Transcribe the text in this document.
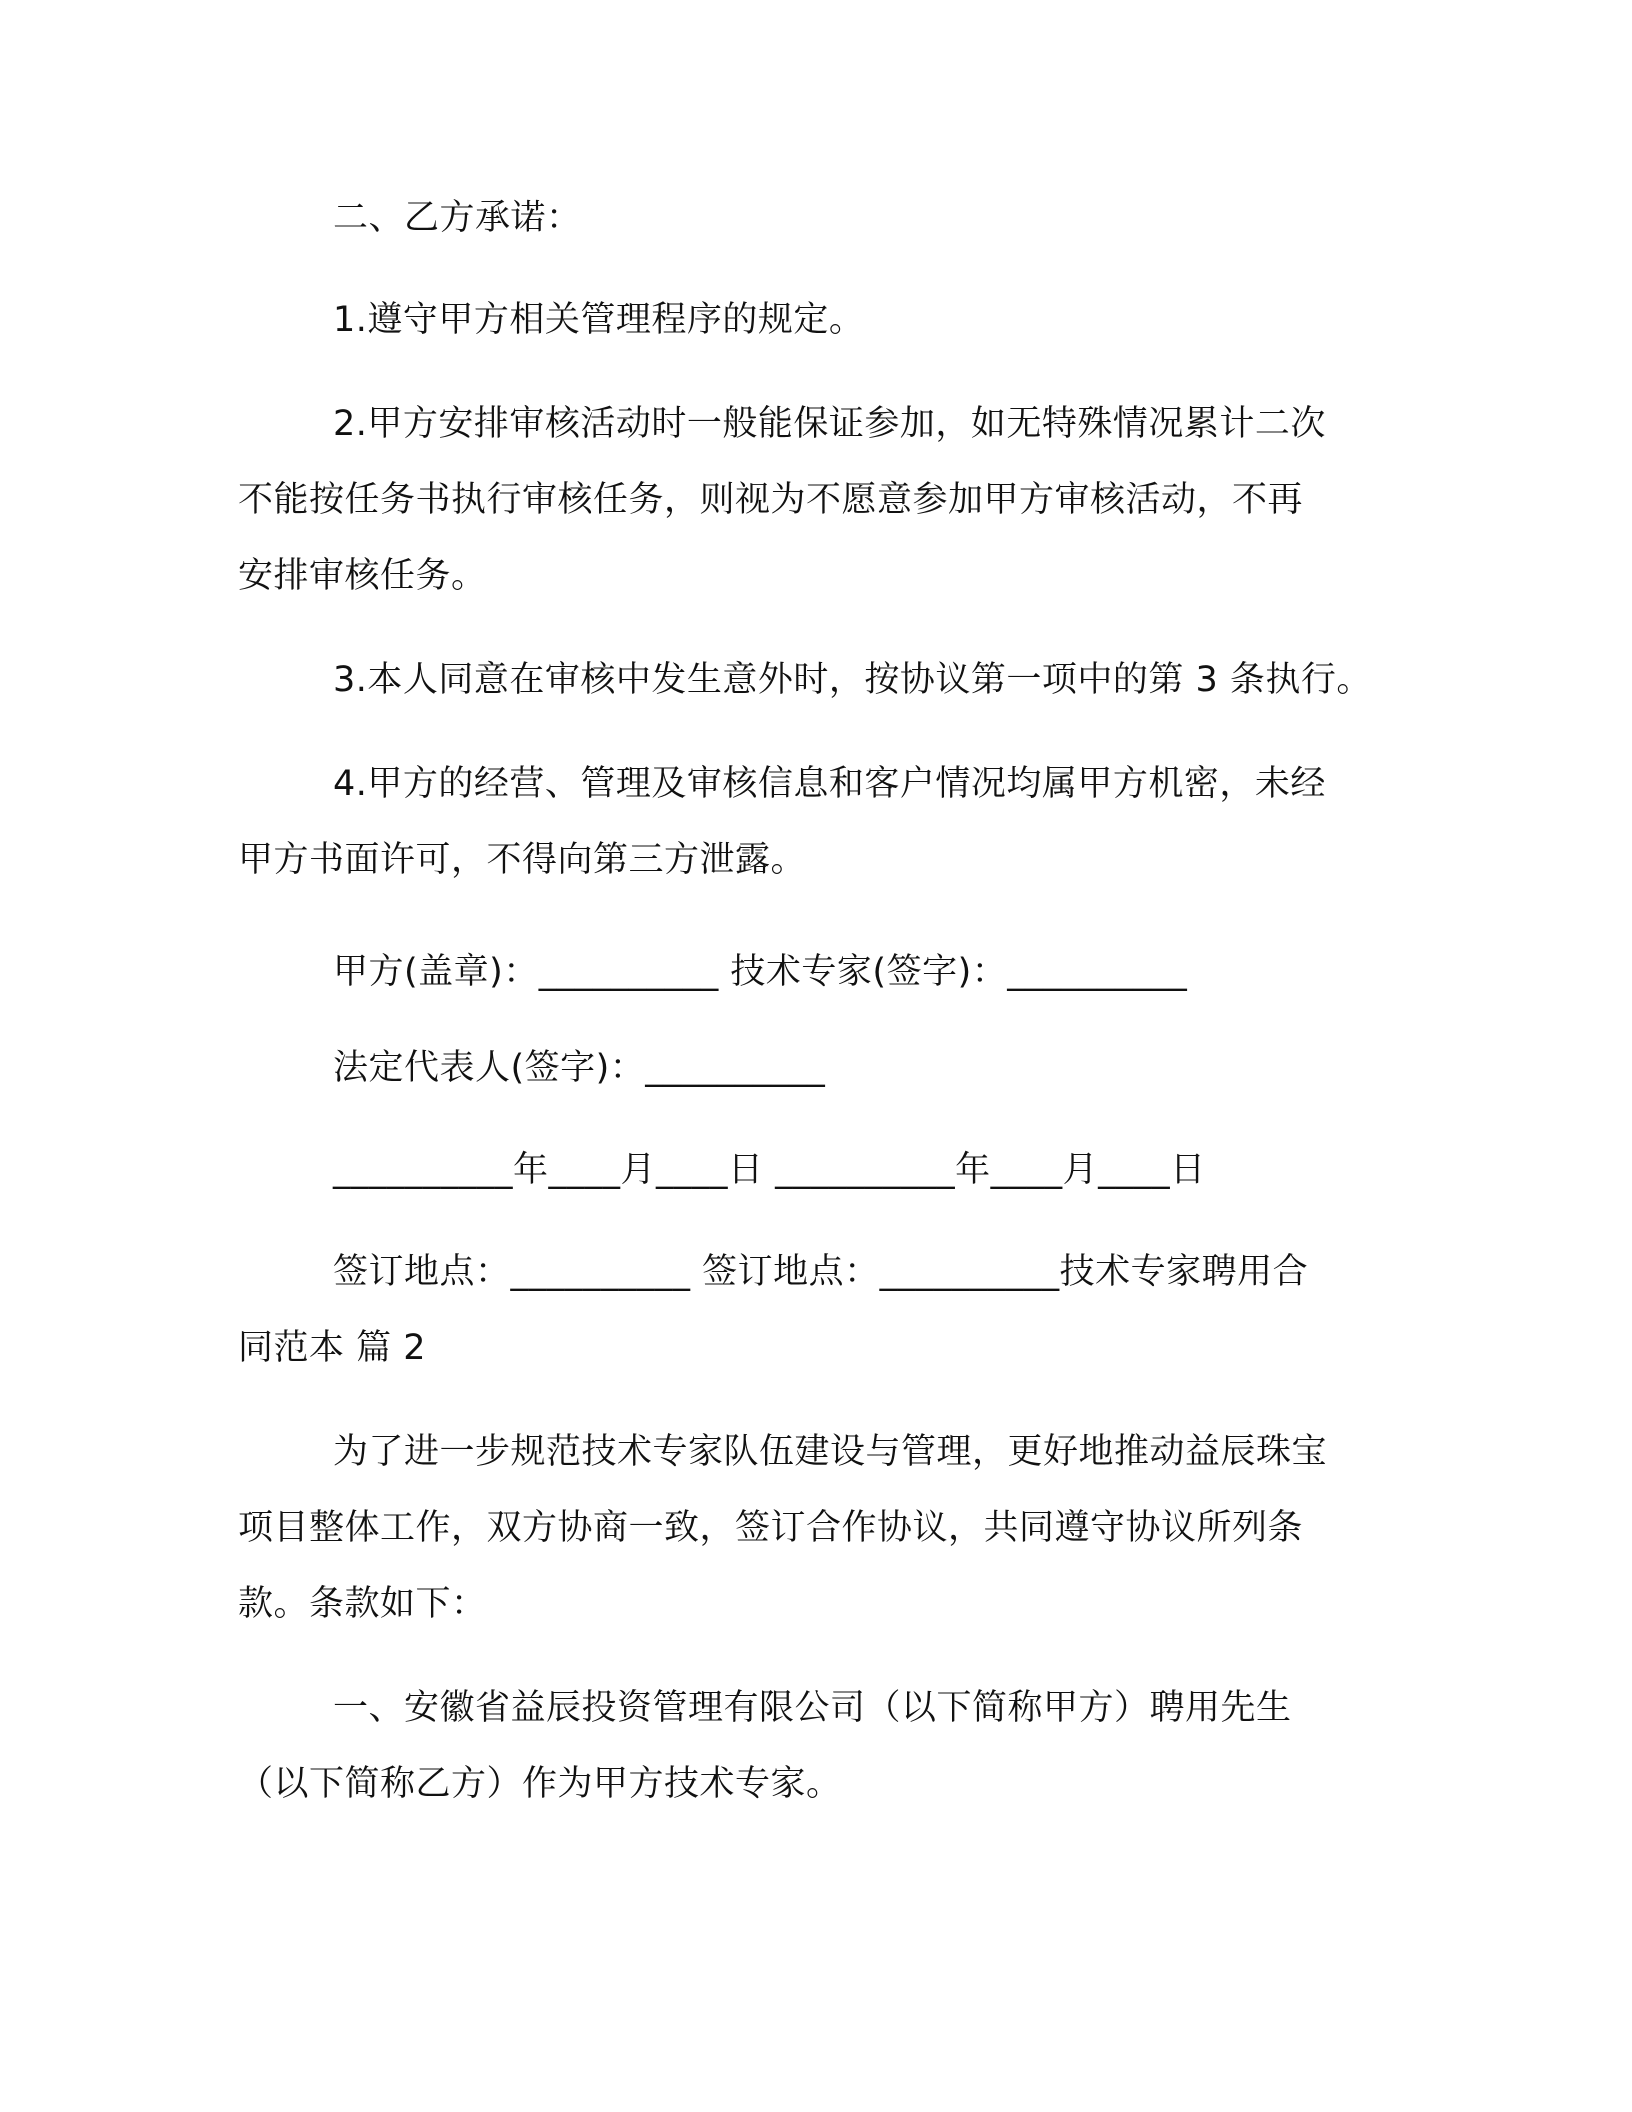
二、乙方承诺：
1.遵守甲方相关管理程序的规定。
2.甲方安排审核活动时一般能保证参加，如无特殊情况累计二次
不能按任务书执行审核任务，则视为不愿意参加甲方审核活动，不再
安排审核任务。
3.本人同意在审核中发生意外时，按协议第一项中的第 3 条执行。
4.甲方的经营、管理及审核信息和客户情况均属甲方机密，未经
甲方书面许可，不得向第三方泄露。
甲方(盖章)：__________ 技术专家(签字)：__________
法定代表人(签字)：__________
__________年____月____日 __________年____月____日
签订地点：__________ 签订地点：__________技术专家聘用合
同范本 篇 2
为了进一步规范技术专家队伍建设与管理，更好地推动益辰珠宝
项目整体工作，双方协商一致，签订合作协议，共同遵守协议所列条
款。条款如下：
一、安徽省益辰投资管理有限公司（以下简称甲方）聘用先生
（以下简称乙方）作为甲方技术专家。
